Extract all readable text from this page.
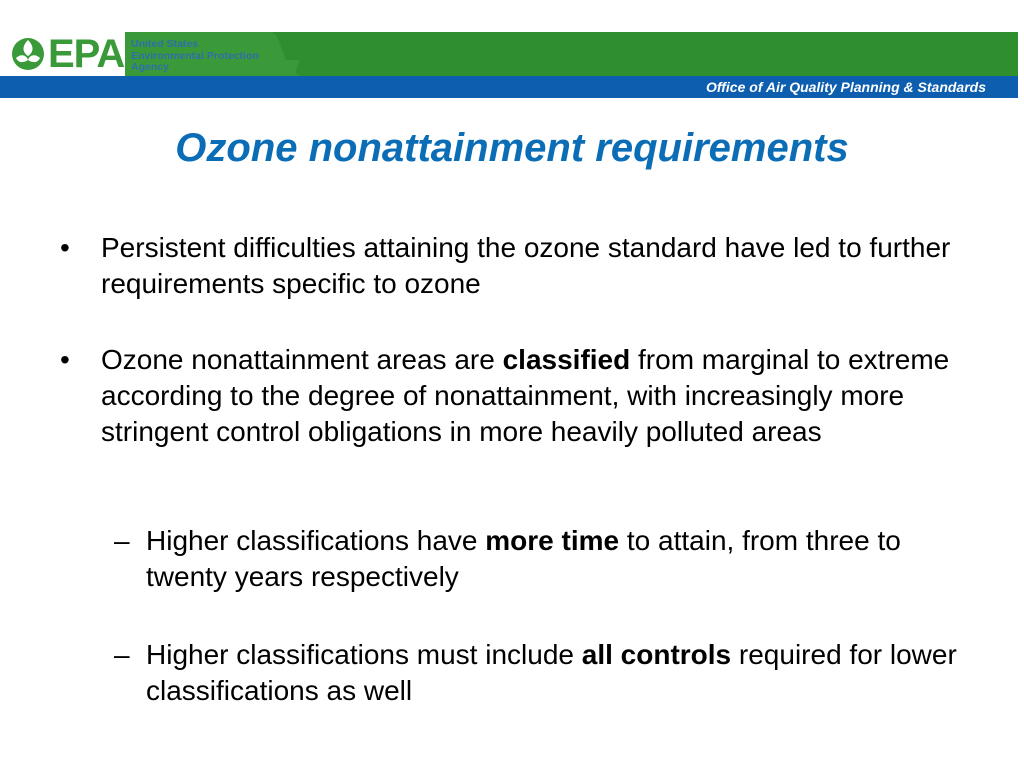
EPA United States
Environmental Protection
Agency
Office of Air Quality Planning & Standards
Ozone nonattainment requirements
• Persistent difficulties attaining the ozone standard have led to further requirements specific to ozone
• Ozone nonattainment areas are classified from marginal to extreme according to the degree of nonattainment, with increasingly more stringent control obligations in more heavily polluted areas
– Higher classifications have more time to attain, from three to twenty years respectively
– Higher classifications must include all controls required for lower classifications as well
